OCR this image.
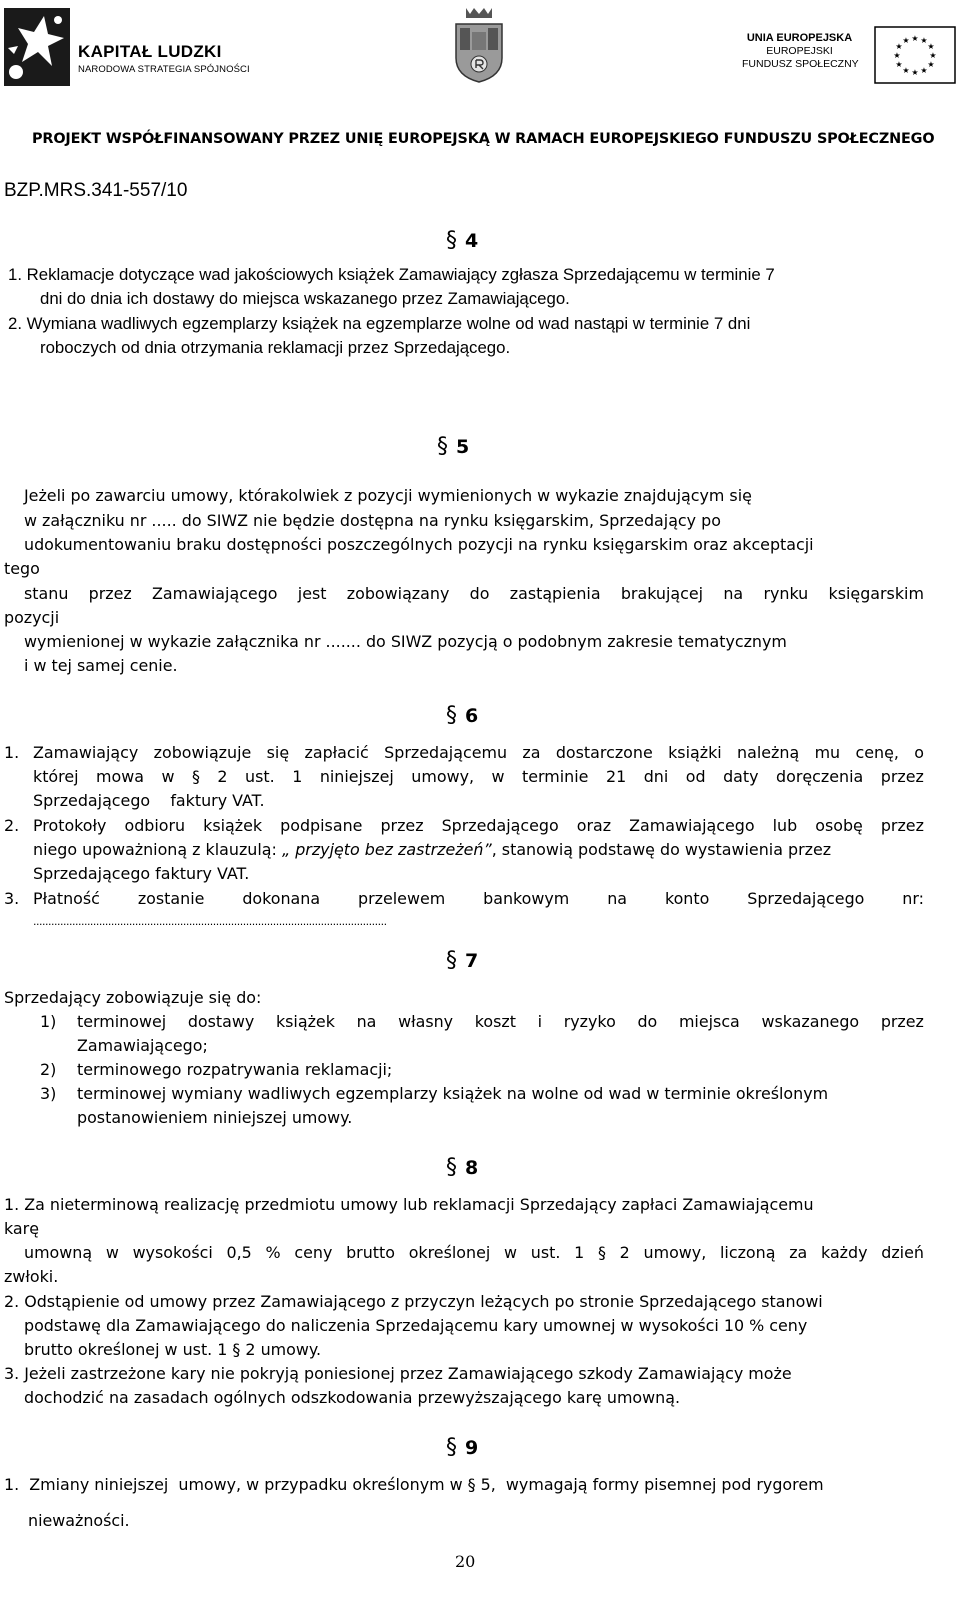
KAPITAŁ LUDZKI
NARODOWA STRATEGIA SPÓJNOŚCI
UNIA EUROPEJSKA
EUROPEJSKI
FUNDUSZ SPOŁECZNY
★ ★
★
★
★
★
★
★
★
★
★
★
PROJEKT WSPÓŁFINANSOWANY PRZEZ UNIĘ EUROPEJSKĄ W RAMACH EUROPEJSKIEGO FUNDUSZU SPOŁECZNEGO
BZP.MRS.341-557/10
§ 4
1. Reklamacje dotyczące wad jakościowych książek Zamawiający zgłasza Sprzedającemu w terminie 7
dni do dnia ich dostawy do miejsca wskazanego przez Zamawiającego.
2. Wymiana wadliwych egzemplarzy książek na egzemplarze wolne od wad nastąpi w terminie 7 dni
roboczych od dnia otrzymania reklamacji przez Sprzedającego.
§ 5
Jeżeli po zawarciu umowy, którakolwiek z pozycji wymienionych w wykazie znajdującym się
w załączniku nr ..... do SIWZ nie będzie dostępna na rynku księgarskim, Sprzedający po
udokumentowaniu braku dostępności poszczególnych pozycji na rynku księgarskim oraz akceptacji
tego
stanu przez Zamawiającego jest zobowiązany do zastąpienia brakującej na rynku księgarskim
pozycji
wymienionej w wykazie załącznika nr ....... do SIWZ pozycją o podobnym zakresie tematycznym
i w tej samej cenie.
§ 6
1. Zamawiający zobowiązuje się zapłacić Sprzedającemu za dostarczone książki należną mu cenę, o
której mowa w § 2 ust. 1 niniejszej umowy, w terminie 21 dni od daty doręczenia przez
Sprzedającego    faktury VAT.
2. Protokoły odbioru książek podpisane przez Sprzedającego oraz Zamawiającego lub osobę przez
niego upoważnioną z klauzulą: „ przyjęto bez zastrzeżeń”, stanowią podstawę do wystawienia przez
Sprzedającego faktury VAT.
3. Płatność zostanie dokonana przelewem bankowym na konto Sprzedającego nr:
......................................................................................................................
§ 7
Sprzedający zobowiązuje się do:
1) terminowej dostawy książek na własny koszt i ryzyko do miejsca wskazanego przez
Zamawiającego;
2) terminowego rozpatrywania reklamacji;
3) terminowej wymiany wadliwych egzemplarzy książek na wolne od wad w terminie określonym
postanowieniem niniejszej umowy.
§ 8
1. Za nieterminową realizację przedmiotu umowy lub reklamacji Sprzedający zapłaci Zamawiającemu
karę
umowną w wysokości 0,5 % ceny brutto określonej w ust. 1 § 2 umowy, liczoną za każdy dzień
zwłoki.
2. Odstąpienie od umowy przez Zamawiającego z przyczyn leżących po stronie Sprzedającego stanowi
podstawę dla Zamawiającego do naliczenia Sprzedającemu kary umownej w wysokości 10 % ceny
brutto określonej w ust. 1 § 2 umowy.
3. Jeżeli zastrzeżone kary nie pokryją poniesionej przez Zamawiającego szkody Zamawiający może
dochodzić na zasadach ogólnych odszkodowania przewyższającego karę umowną.
§ 9
1.  Zmiany niniejszej  umowy, w przypadku określonym w § 5,  wymagają formy pisemnej pod rygorem
nieważności.
20
